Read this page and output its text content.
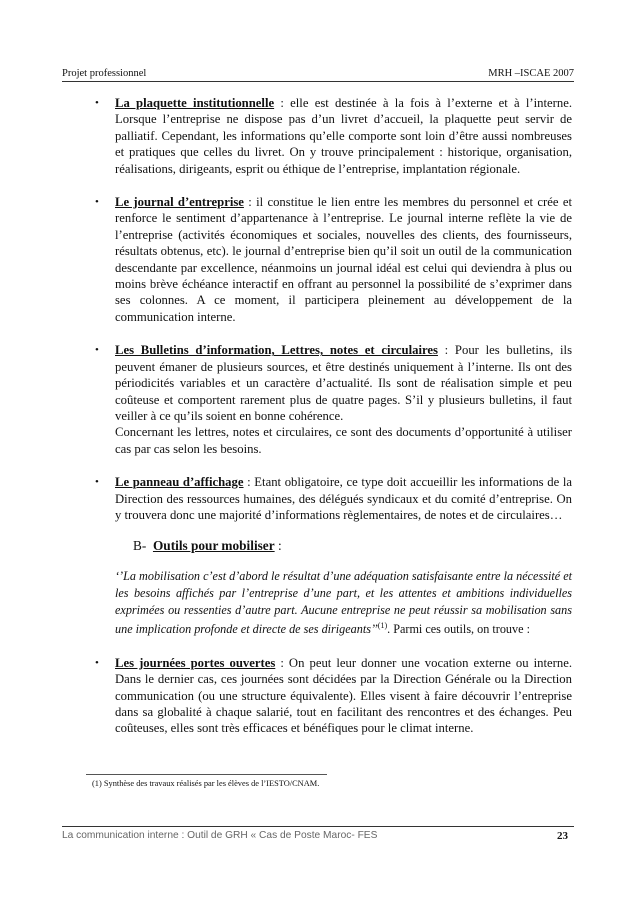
Projet professionnel	MRH –ISCAE 2007
• La plaquette institutionnelle : elle est destinée à la fois à l’externe et à l’interne. Lorsque l’entreprise ne dispose pas d’un livret d’accueil, la plaquette peut servir de palliatif. Cependant, les informations qu’elle comporte sont loin d’être aussi nombreuses et pratiques que celles du livret. On y trouve principalement : historique, organisation, réalisations, dirigeants, esprit ou éthique de l’entreprise, implantation régionale.

• Le journal d’entreprise : il constitue le lien entre les membres du personnel et crée et renforce le sentiment d’appartenance à l’entreprise. Le journal interne reflète la vie de l’entreprise (activités économiques et sociales, nouvelles des clients, des fournisseurs, résultats obtenus, etc). le journal d’entreprise bien qu’il soit un outil de la communication descendante par excellence, néanmoins un journal idéal est celui qui deviendra à plus ou moins brève échéance interactif en offrant au personnel la possibilité de s’exprimer dans ses colonnes. A ce moment, il participera pleinement au développement de la communication interne.

• Les Bulletins d’information, Lettres, notes et circulaires : Pour les bulletins, ils peuvent émaner de plusieurs sources, et être destinés uniquement à l’interne. Ils ont des périodicités variables et un caractère d’actualité. Ils sont de réalisation simple et peu coûteuse et comportent rarement plus de quatre pages. S’il y plusieurs bulletins, il faut veiller à ce qu’ils soient en bonne cohérence.

Concernant les lettres, notes et circulaires, ce sont des documents d’opportunité à utiliser cas par cas selon les besoins.

• Le panneau d’affichage : Etant obligatoire, ce type doit accueillir les informations de la Direction des ressources humaines, des délégués syndicaux et du comité d’entreprise. On y trouvera donc une majorité d’informations règlementaires, de notes et de circulaires…

B- Outils pour mobiliser :
‘’La mobilisation c’est d’abord le résultat d’une adéquation satisfaisante entre la nécessité et les besoins affichés par l’entreprise d’une part, et les attentes et ambitions individuelles exprimées ou ressenties d’autre part. Aucune entreprise ne peut réussir sa mobilisation sans une implication profonde et directe de ses dirigeants’’$^{(1)}$. Parmi ces outils, on trouve :
• Les journées portes ouvertes : On peut leur donner une vocation externe ou interne. Dans le dernier cas, ces journées sont décidées par la Direction Générale ou la Direction communication (ou une structure équivalente). Elles visent à faire découvrir l’entreprise dans sa globalité à chaque salarié, tout en facilitant des rencontres et des échanges. Peu coûteuses, elles sont très efficaces et bénéfiques pour le climat interne.

(1) Synthèse des travaux réalisés par les élèves de l’IESTO/CNAM.
La communication interne : Outil de GRH « Cas de Poste Maroc- FES	23
